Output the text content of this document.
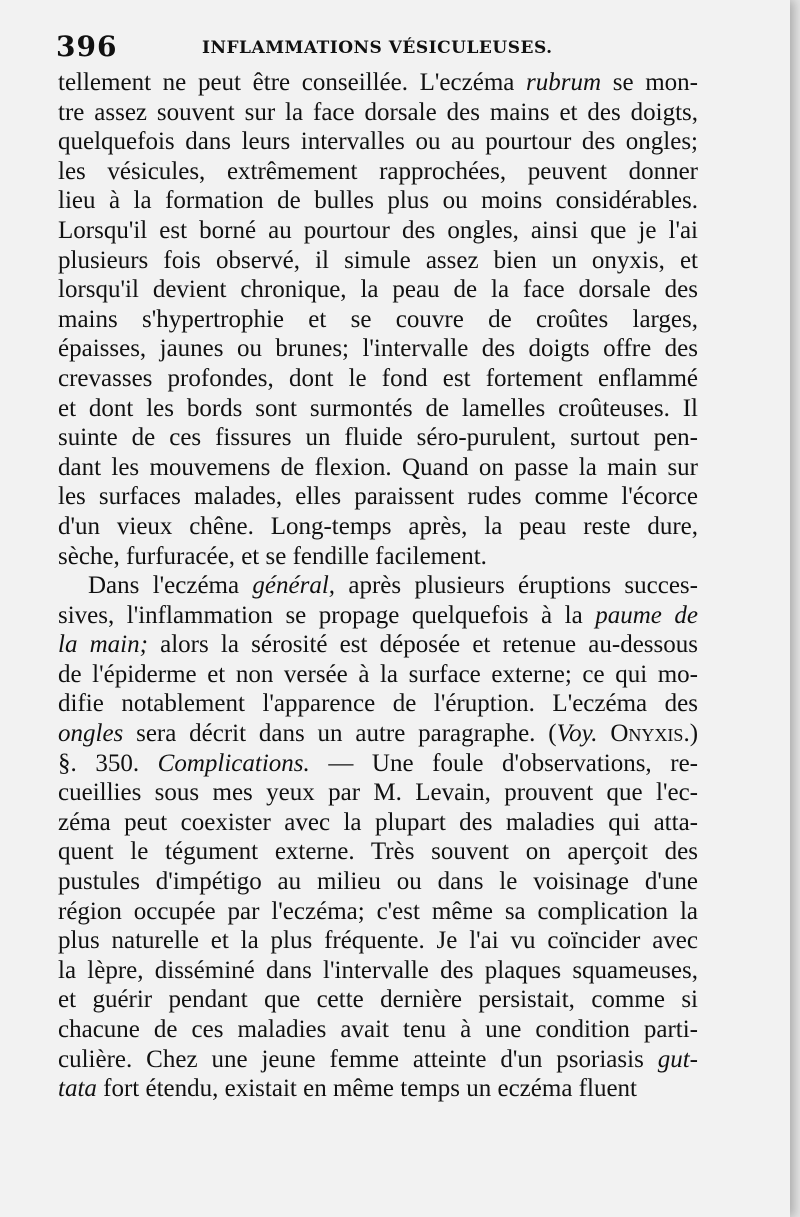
396	INFLAMMATIONS VÉSICULEUSES.
tellement ne peut être conseillée. L'eczéma rubrum se mon-
tre assez souvent sur la face dorsale des mains et des doigts,
quelquefois dans leurs intervalles ou au pourtour des ongles;
les vésicules, extrêmement rapprochées, peuvent donner
lieu à la formation de bulles plus ou moins considérables.
Lorsqu'il est borné au pourtour des ongles, ainsi que je l'ai
plusieurs fois observé, il simule assez bien un onyxis, et
lorsqu'il devient chronique, la peau de la face dorsale des
mains s'hypertrophie et se couvre de croûtes larges,
épaisses, jaunes ou brunes; l'intervalle des doigts offre des
crevasses profondes, dont le fond est fortement enflammé
et dont les bords sont surmontés de lamelles croûteuses. Il
suinte de ces fissures un fluide séro-purulent, surtout pen-
dant les mouvemens de flexion. Quand on passe la main sur
les surfaces malades, elles paraissent rudes comme l'écorce
d'un vieux chêne. Long-temps après, la peau reste dure,
sèche, furfuracée, et se fendille facilement.
Dans l'eczéma général, après plusieurs éruptions succes-
sives, l'inflammation se propage quelquefois à la paume de
la main; alors la sérosité est déposée et retenue au-dessous
de l'épiderme et non versée à la surface externe; ce qui mo-
difie notablement l'apparence de l'éruption. L'eczéma des
ongles sera décrit dans un autre paragraphe. (Voy. Onyxis.)
§. 350. Complications. — Une foule d'observations, re-
cueillies sous mes yeux par M. Levain, prouvent que l'ec-
zéma peut coexister avec la plupart des maladies qui atta-
quent le tégument externe. Très souvent on aperçoit des
pustules d'impétigo au milieu ou dans le voisinage d'une
région occupée par l'eczéma; c'est même sa complication la
plus naturelle et la plus fréquente. Je l'ai vu coïncider avec
la lèpre, disséminé dans l'intervalle des plaques squameuses,
et guérir pendant que cette dernière persistait, comme si
chacune de ces maladies avait tenu à une condition parti-
culière. Chez une jeune femme atteinte d'un psoriasis gut-
tata fort étendu, existait en même temps un eczéma fluent
